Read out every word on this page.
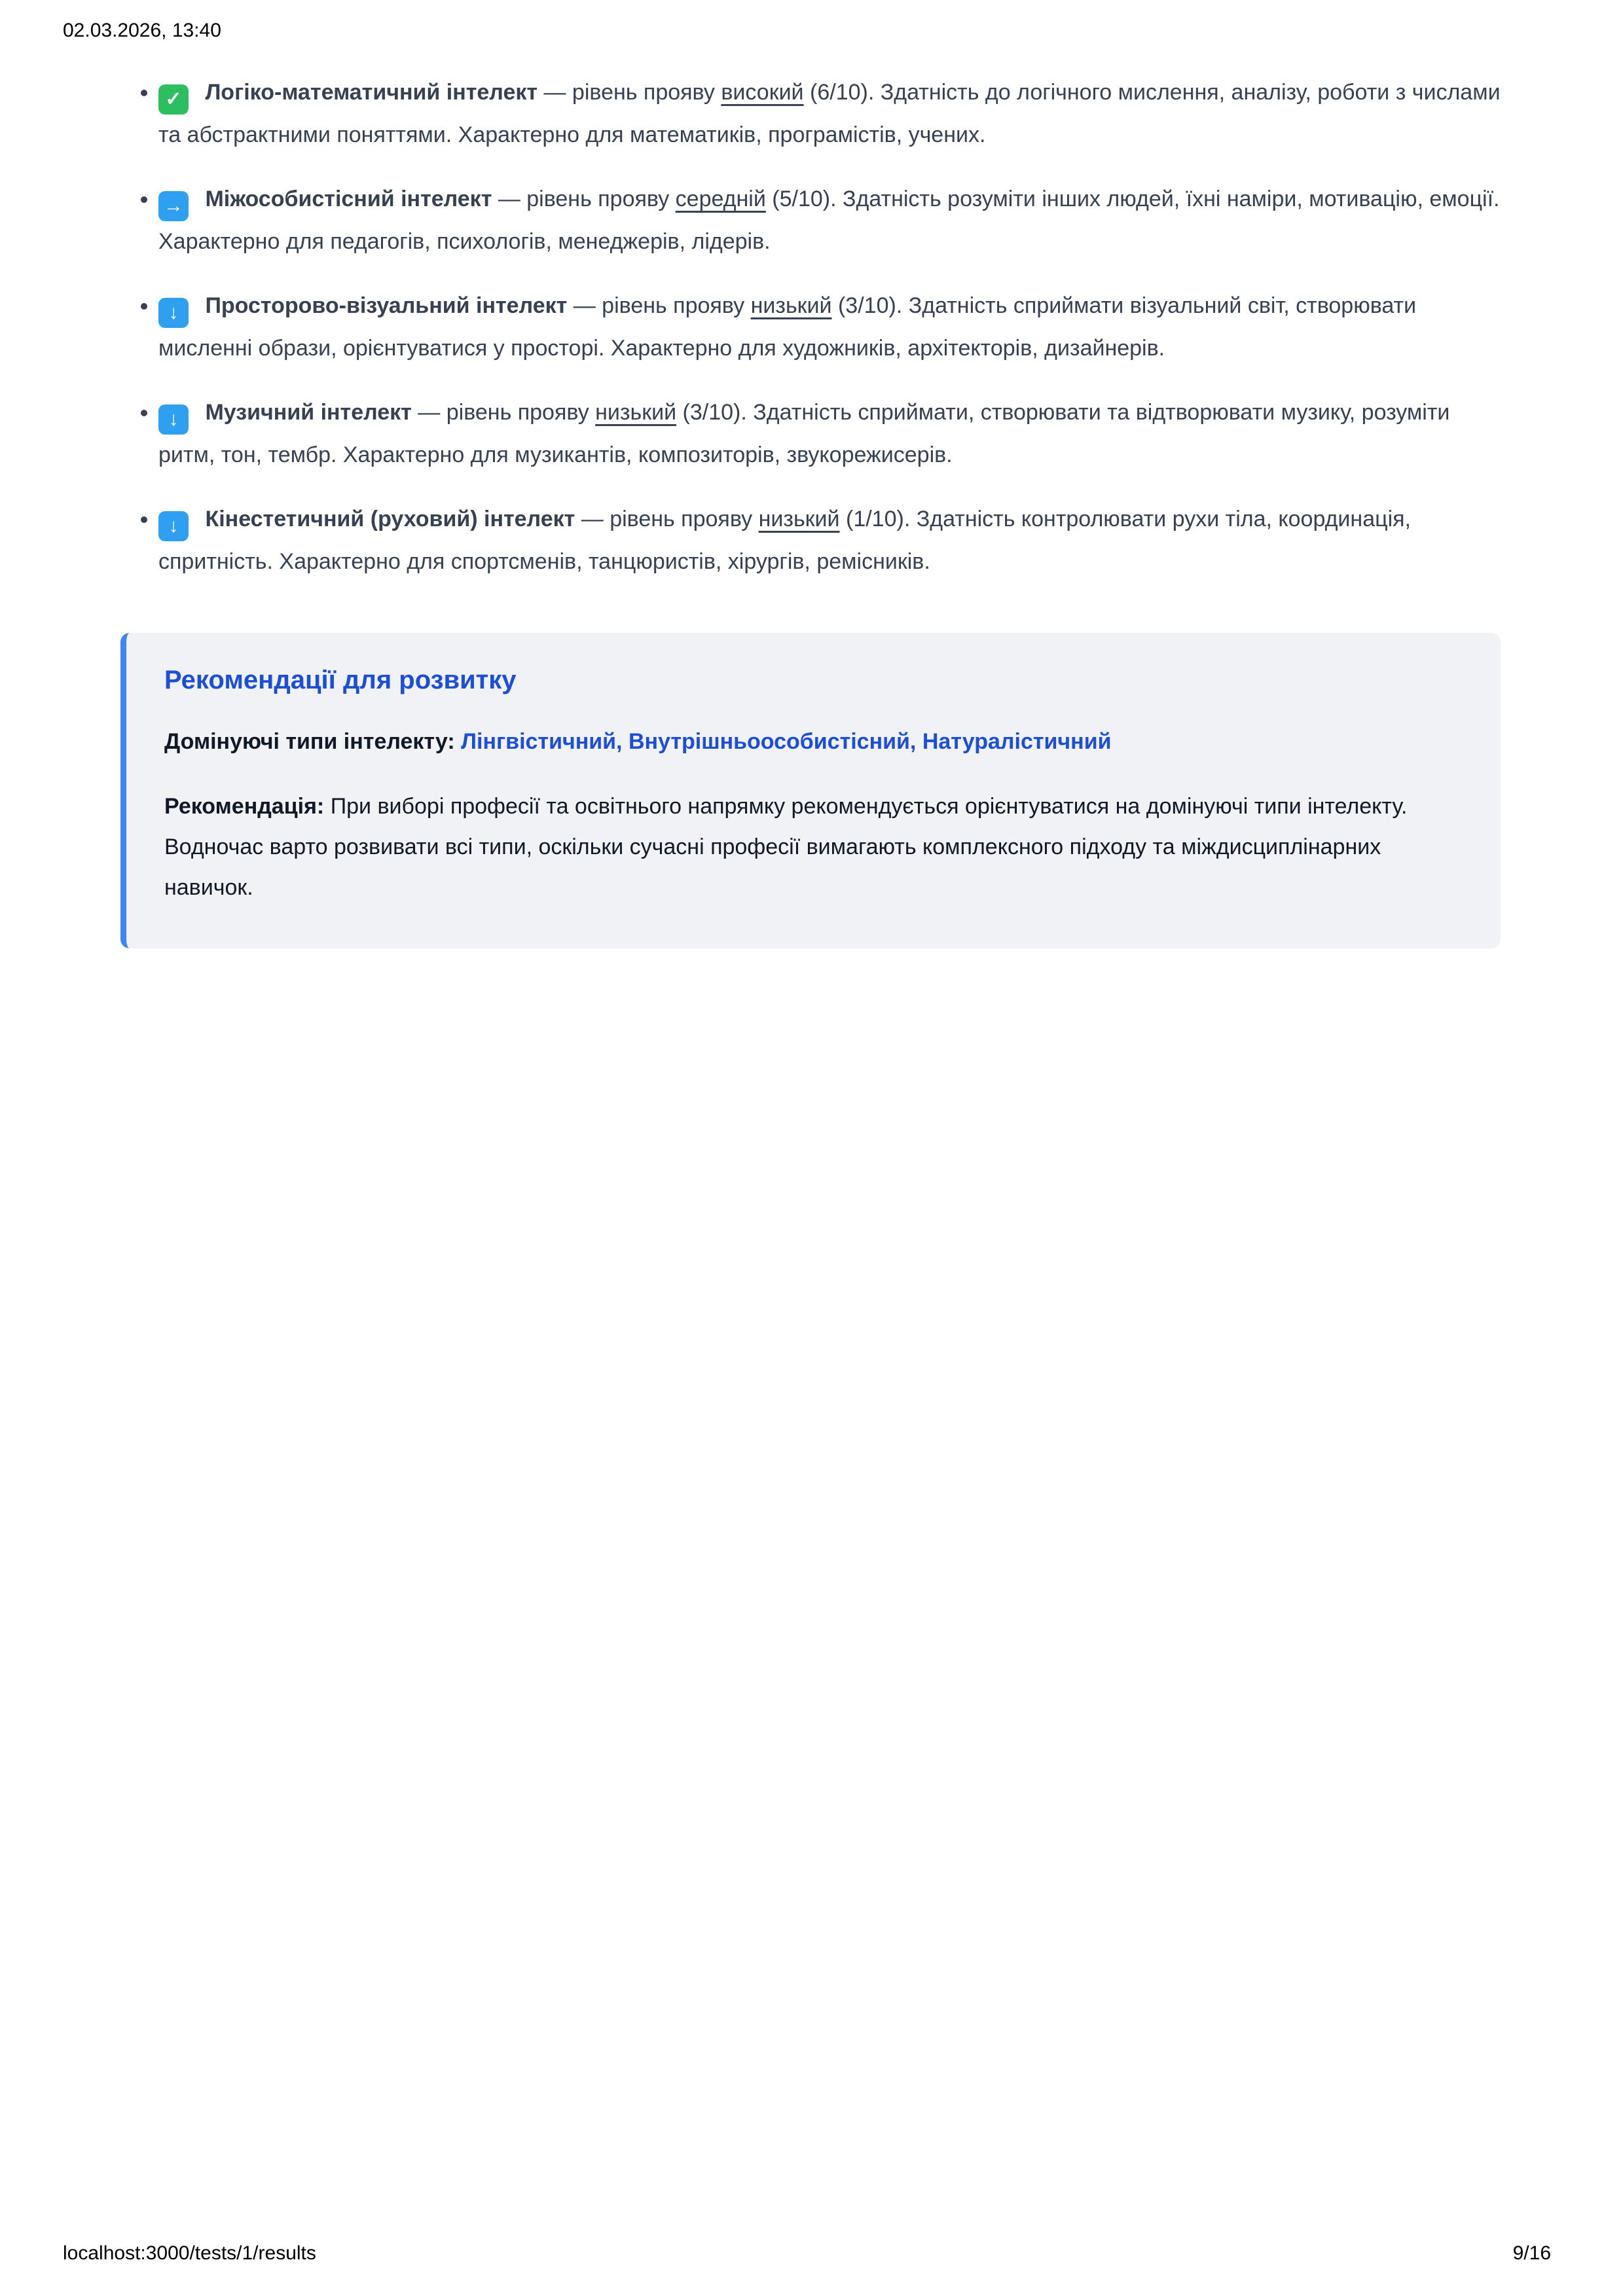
02.03.2026, 13:40
• ✓ Логіко-математичний інтелект — рівень прояву високий (6/10). Здатність до логічного мислення, аналізу, роботи з числами та абстрактними поняттями. Характерно для математиків, програмістів, учених.
• → Міжособистісний інтелект — рівень прояву середній (5/10). Здатність розуміти інших людей, їхні наміри, мотивацію, емоції. Характерно для педагогів, психологів, менеджерів, лідерів.
• ↓ Просторово-візуальний інтелект — рівень прояву низький (3/10). Здатність сприймати візуальний світ, створювати мисленні образи, орієнтуватися у просторі. Характерно для художників, архітекторів, дизайнерів.
• ↓ Музичний інтелект — рівень прояву низький (3/10). Здатність сприймати, створювати та відтворювати музику, розуміти ритм, тон, тембр. Характерно для музикантів, композиторів, звукорежисерів.
• ↓ Кінестетичний (руховий) інтелект — рівень прояву низький (1/10). Здатність контролювати рухи тіла, координація, спритність. Характерно для спортсменів, танцюристів, хірургів, ремісників.
Рекомендації для розвитку

Домінуючі типи інтелекту: Лінгвістичний, Внутрішньоособистісний, Натуралістичний

Рекомендація: При виборі професії та освітнього напрямку рекомендується орієнтуватися на домінуючі типи інтелекту. Водночас варто розвивати всі типи, оскільки сучасні професії вимагають комплексного підходу та міждисциплінарних навичок.

localhost:3000/tests/1/results	9/16
